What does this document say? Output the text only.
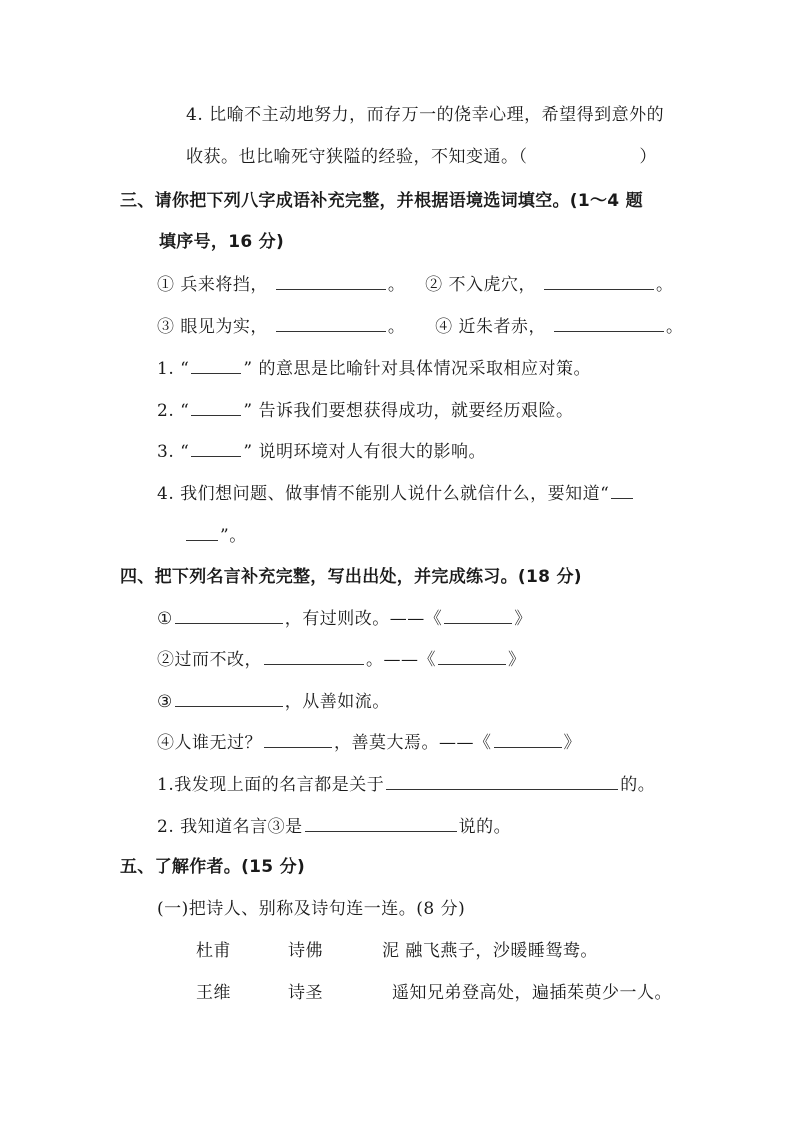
4. 比喻不主动地努力，而存万一的侥幸心理，希望得到意外的
收获。也比喻死守狭隘的经验，不知变通。（	）
三、请你把下列八字成语补充完整，并根据语境选词填空。(1～4 题
填序号，16 分)
① 兵来将挡，	。 ② 不入虎穴，	。
③ 眼见为实，	。 ④ 近朱者赤，	。
1. “	” 的意思是比喻针对具体情况采取相应对策。
2. “	” 告诉我们要想获得成功，就要经历艰险。
3. “	” 说明环境对人有很大的影响。
4. 我们想问题、做事情不能别人说什么就信什么，要知道“
”。
四、把下列名言补充完整，写出出处，并完成练习。(18 分)
①	，有过则改。——《	》
②过而不改，	。——《	》
③	，从善如流。
④人谁无过？	，善莫大焉。——《	》
1.我发现上面的名言都是关于	的。
2. 我知道名言③是	说的。
五、了解作者。(15 分)
(一)把诗人、别称及诗句连一连。(8 分)
杜甫	诗佛	泥 融飞燕子，沙暖睡鸳鸯。
王维	诗圣	遥知兄弟登高处，遍插茱萸少一人。
